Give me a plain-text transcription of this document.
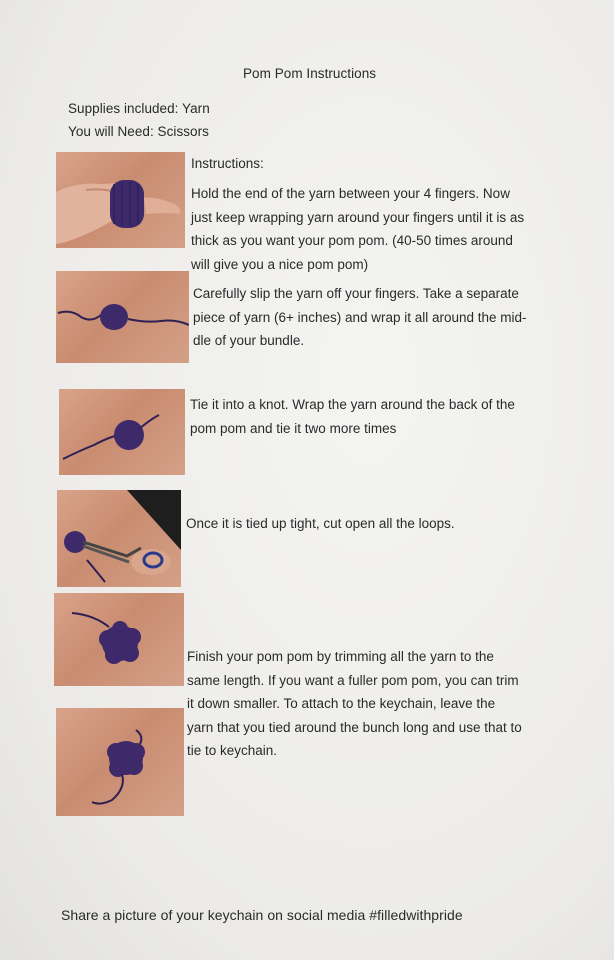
Pom Pom Instructions
Supplies included: Yarn
You will Need: Scissors
Instructions:
Hold the end of the yarn between your 4 fingers. Now
just keep wrapping yarn around your fingers until it is as
thick as you want your pom pom. (40-50 times around
will give you a nice pom pom)
Carefully slip the yarn off your fingers. Take a separate
piece of yarn (6+ inches) and wrap it all around the mid-
dle of your bundle.
Tie it into a knot. Wrap the yarn around the back of the
pom pom and tie it two more times
Once it is tied up tight, cut open all the loops.
Finish your pom pom by trimming all the yarn to the
same length. If you want a fuller pom pom, you can trim
it down smaller. To attach to the keychain, leave the
yarn that you tied around the bunch long and use that to
tie to keychain.
Share a picture of your keychain on social media #filledwithpride
